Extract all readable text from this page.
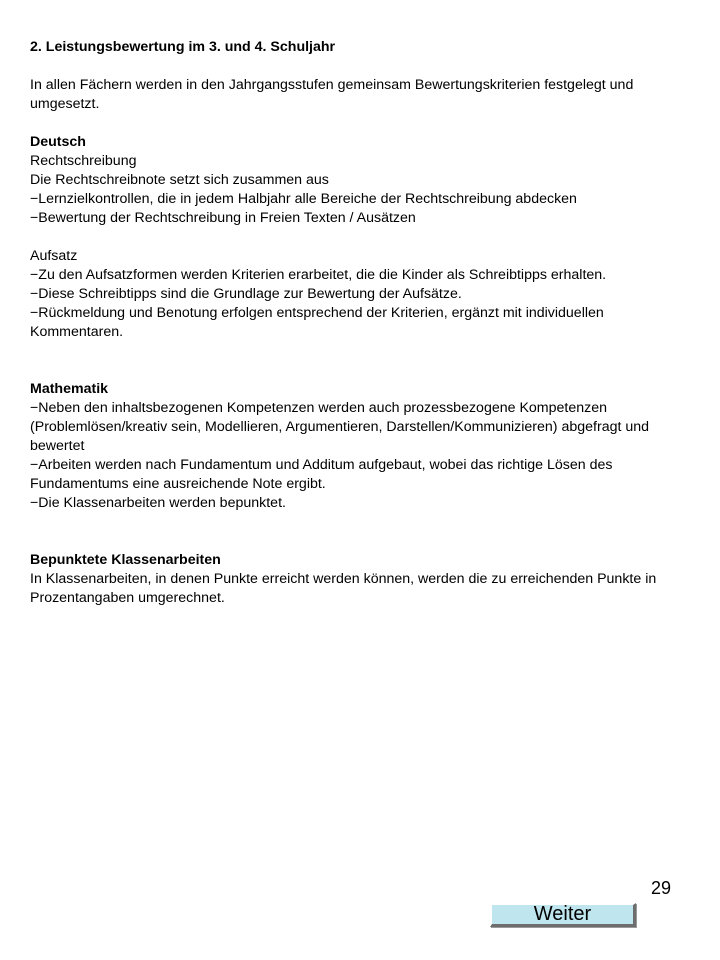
2. Leistungsbewertung im 3. und 4. Schuljahr

In allen Fächern werden in den Jahrgangsstufen gemeinsam Bewertungskriterien festgelegt und umgesetzt.

Deutsch

Rechtschreibung

Die Rechtschreibnote setzt sich zusammen aus

− Lernzielkontrollen, die in jedem Halbjahr alle Bereiche der Rechtschreibung abdecken

− Bewertung der Rechtschreibung in Freien Texten / Ausätzen

Aufsatz

− Zu den Aufsatzformen werden Kriterien erarbeitet, die die Kinder als Schreibtipps erhalten.

− Diese Schreibtipps sind die Grundlage zur Bewertung der Aufsätze.

− Rückmeldung und Benotung erfolgen entsprechend der Kriterien, ergänzt mit individuellen Kommentaren.

Mathematik

− Neben den inhaltsbezogenen Kompetenzen werden auch prozessbezogene Kompetenzen (Problemlösen/kreativ sein, Modellieren, Argumentieren, Darstellen/Kommunizieren) abgefragt und bewertet

− Arbeiten werden nach Fundamentum und Additum aufgebaut, wobei das richtige Lösen des Fundamentums eine ausreichende Note ergibt.

− Die Klassenarbeiten werden bepunktet.

Bepunktete Klassenarbeiten

In Klassenarbeiten, in denen Punkte erreicht werden können, werden die zu erreichenden Punkte in Prozentangaben umgerechnet.

29
Weiter
